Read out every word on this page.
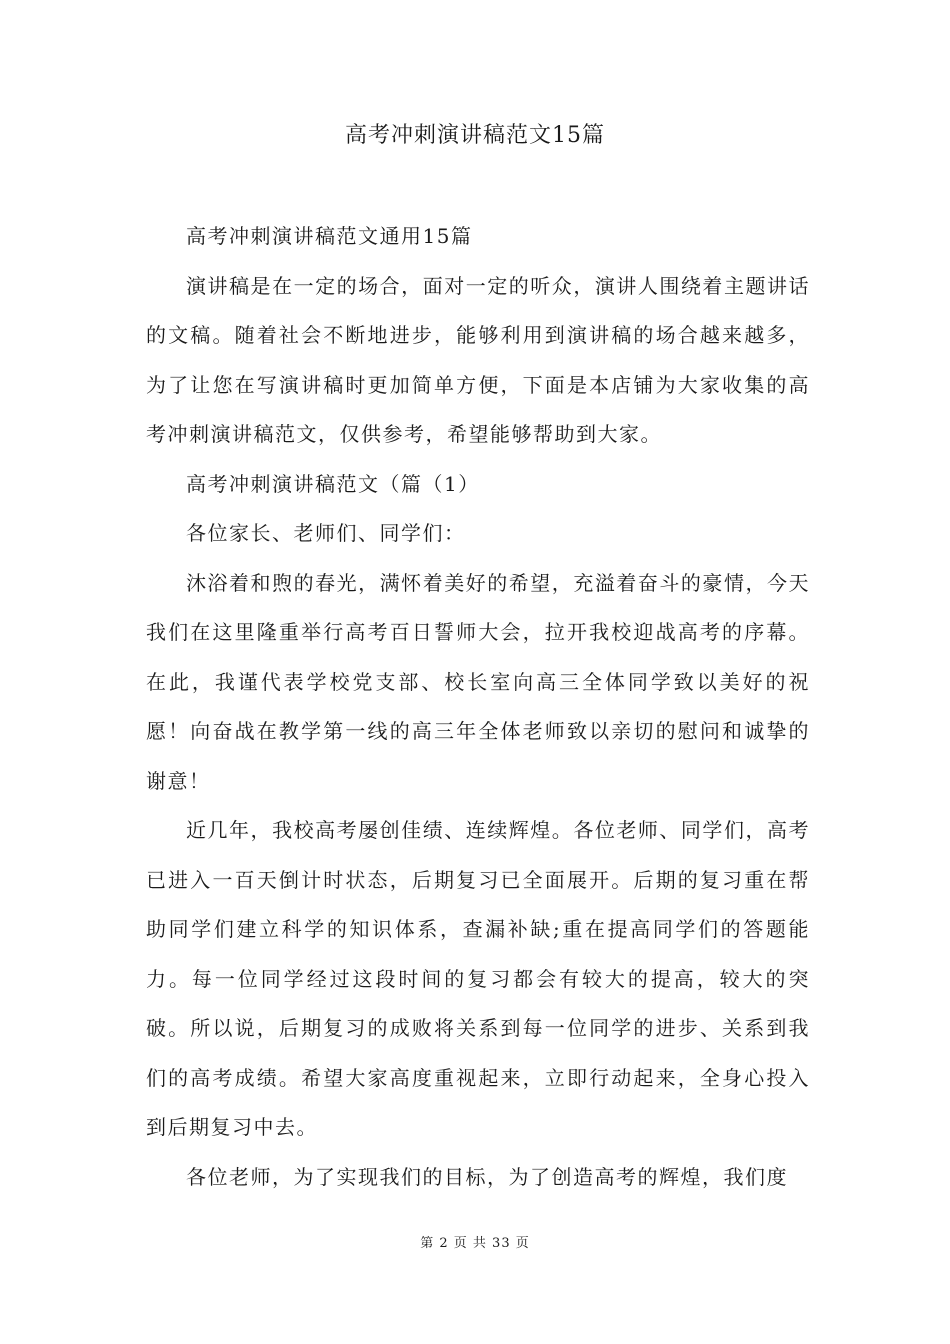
高考冲刺演讲稿范文15篇

高考冲刺演讲稿范文通用15篇

演讲稿是在一定的场合，面对一定的听众，演讲人围绕着主题讲话的文稿。随着社会不断地进步，能够利用到演讲稿的场合越来越多，为了让您在写演讲稿时更加简单方便，下面是本店铺为大家收集的高考冲刺演讲稿范文，仅供参考，希望能够帮助到大家。

高考冲刺演讲稿范文（篇（1）

各位家长、老师们、同学们：

沐浴着和煦的春光，满怀着美好的希望，充溢着奋斗的豪情，今天我们在这里隆重举行高考百日誓师大会，拉开我校迎战高考的序幕。在此，我谨代表学校党支部、校长室向高三全体同学致以美好的祝愿！向奋战在教学第一线的高三年全体老师致以亲切的慰问和诚挚的谢意！

近几年，我校高考屡创佳绩、连续辉煌。各位老师、同学们，高考已进入一百天倒计时状态，后期复习已全面展开。后期的复习重在帮助同学们建立科学的知识体系，查漏补缺;重在提高同学们的答题能力。每一位同学经过这段时间的复习都会有较大的提高，较大的突破。所以说，后期复习的成败将关系到每一位同学的进步、关系到我们的高考成绩。希望大家高度重视起来，立即行动起来，全身心投入到后期复习中去。

各位老师，为了实现我们的目标，为了创造高考的辉煌，我们度

第 2 页 共 33 页
